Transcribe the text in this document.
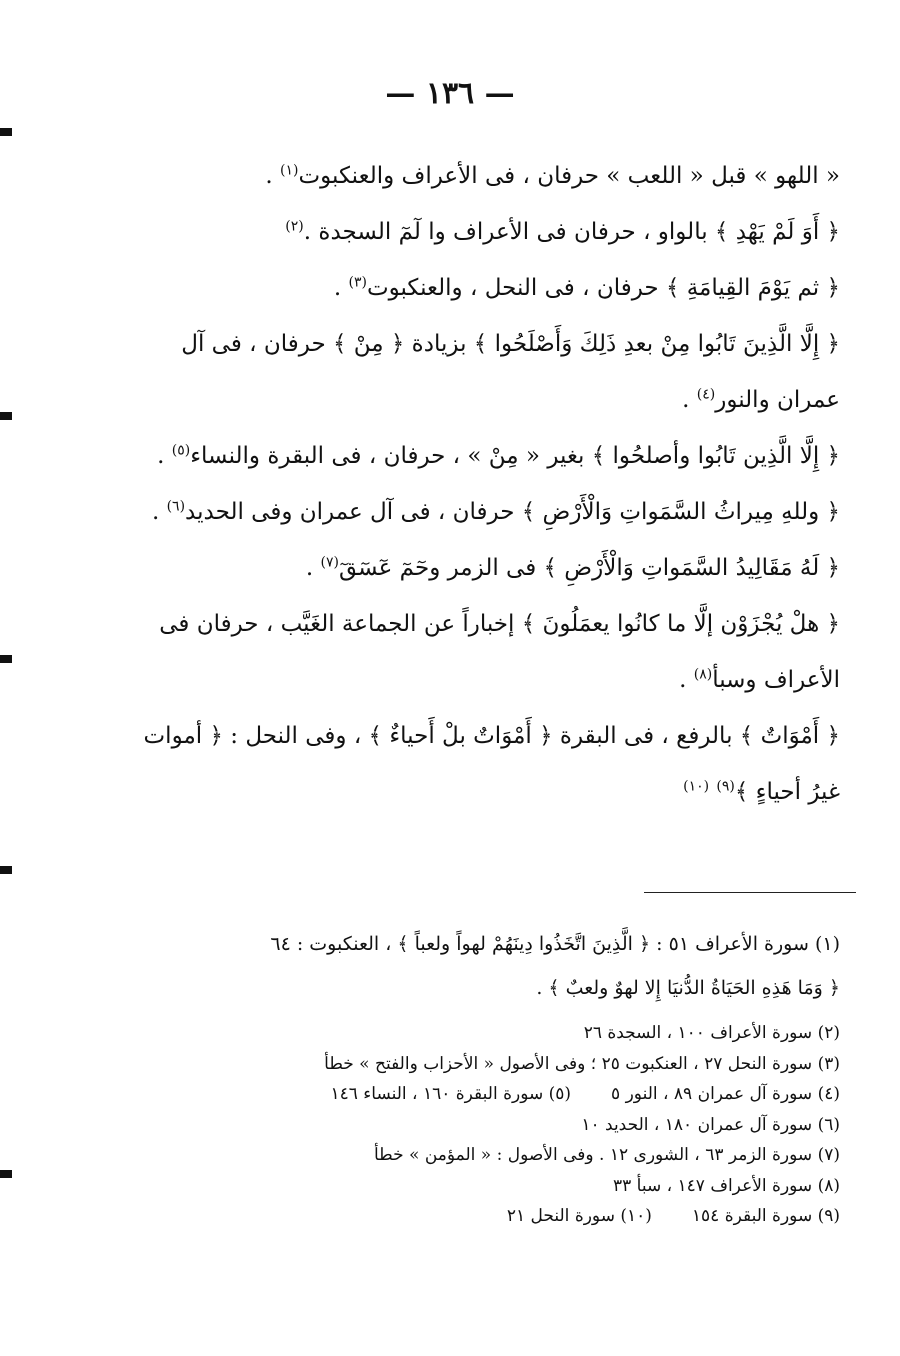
— ١٣٦ —

« اللهو » قبل « اللعب » حرفان ، فى الأعراف والعنكبوت$^{(١)}$ .

﴿ أَوَ لَمْ يَهْدِ ﴾ بالواو ، حرفان فى الأعراف وا لٓمٓ السجدة .$^{(٢)}$

﴿ ثم يَوْمَ القِيامَةِ ﴾ حرفان ، فى النحل ، والعنكبوت$^{(٣)}$ .

﴿ إِلَّا الَّذِينَ تَابُوا مِنْ بعدِ ذَلِكَ وَأَصْلَحُوا ﴾ بزيادة ﴿ مِنْ ﴾ حرفان ، فى آل عمران والنور$^{(٤)}$ .

﴿ إِلَّا الَّذِين تَابُوا وأصلحُوا ﴾ بغير « مِنْ » ، حرفان ، فى البقرة والنساء$^{(٥)}$ .

﴿ وللهِ مِيراثُ السَّمَواتِ وَالْأَرْضِ ﴾ حرفان ، فى آل عمران وفى الحديد$^{(٦)}$ .

﴿ لَهُ مَقَالِيدُ السَّمَواتِ وَالْأَرْضِ ﴾ فى الزمر وحٓمٓ عٓسٓقٓ$^{(٧)}$ .

﴿ هلْ يُجْزَوْن إلَّا ما كانُوا يعمَلُونَ ﴾ إخباراً عن الجماعة الغَيَّب ، حرفان فى الأعراف وسبأ$^{(٨)}$ .

﴿ أَمْوَاتٌ ﴾ بالرفع ، فى البقرة ﴿ أَمْوَاتٌ بلْ أَحياءٌ ﴾ ، وفى النحل : ﴿ أموات غيرُ أحياءٍ ﴾$^{(٩)}$ $^{(١٠)}$

(١) سورة الأعراف ٥١ : ﴿ الَّذِينَ اتَّخَذُوا دِينَهُمْ لهواً ولعباً ﴾ ، العنكبوت : ٦٤

﴿ وَمَا هَذِهِ الحَيَاةُ الدُّنيَا إِلا لهوٌ ولعبٌ ﴾ .

(٢) سورة الأعراف ١٠٠ ، السجدة ٢٦

(٣) سورة النحل ٢٧ ، العنكبوت ٢٥ ؛ وفى الأصول « الأحزاب والفتح » خطأ

(٤) سورة آل عمران ٨٩ ، النور ٥(٥) سورة البقرة ١٦٠ ، النساء ١٤٦

(٦) سورة آل عمران ١٨٠ ، الحديد ١٠

(٧) سورة الزمر ٦٣ ، الشورى ١٢ . وفى الأصول : « المؤمن » خطأ

(٨) سورة الأعراف ١٤٧ ، سبأ ٣٣

(٩) سورة البقرة ١٥٤(١٠) سورة النحل ٢١
